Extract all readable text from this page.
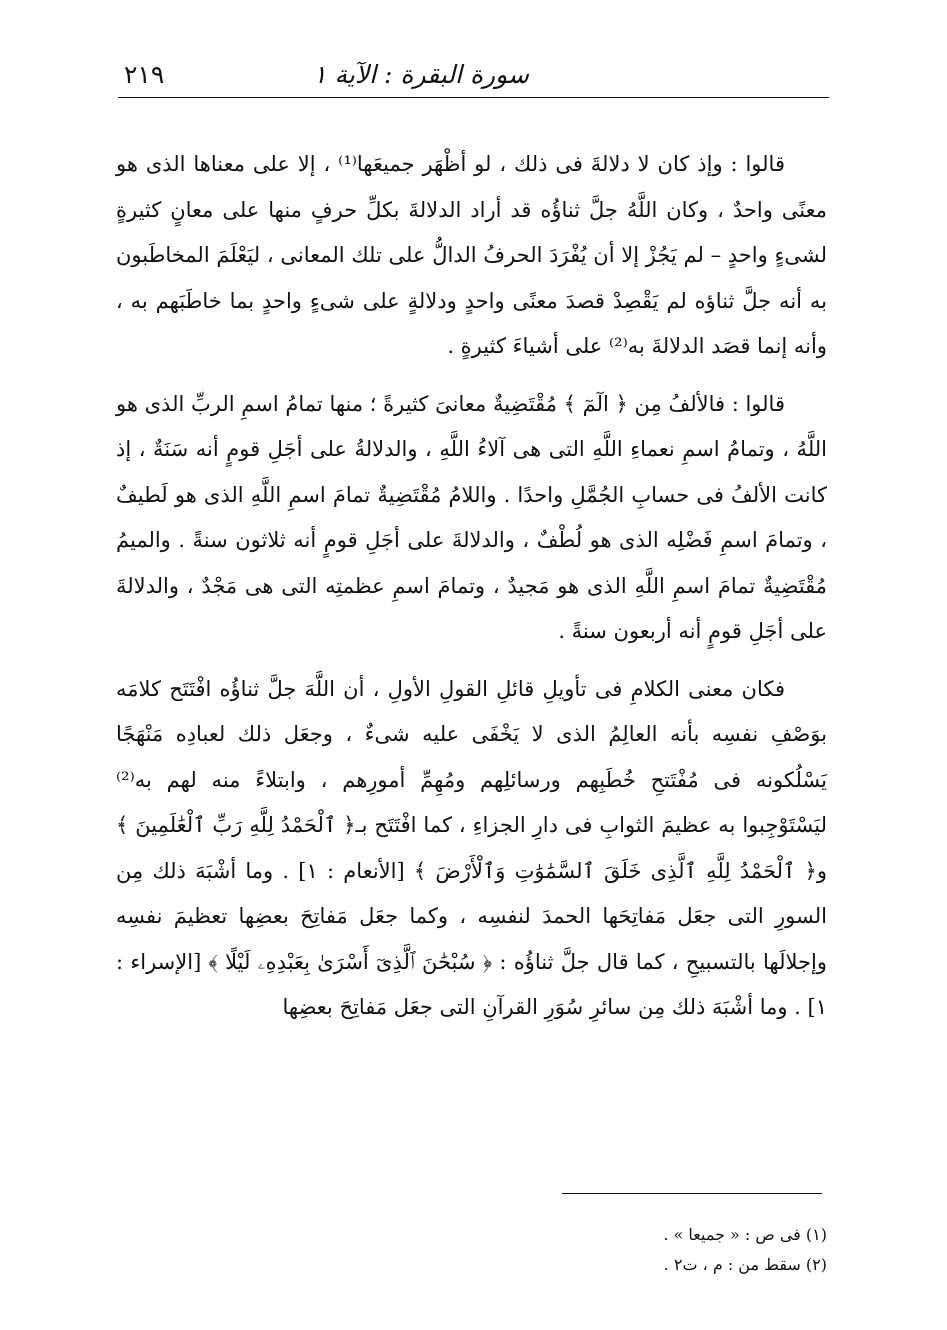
٢١٩	سورة البقرة : الآية ١

قالوا : وإذ كان لا دلالةَ فى ذلك ، لو أظْهَر جميعَها⁽¹⁾ ، إلا على معناها الذى هو معنًى واحدٌ ، وكان اللَّهُ جلَّ ثناؤُه قد أراد الدلالةَ بكلِّ حرفٍ منها على معانٍ كثيرةٍ لشىءٍ واحدٍ – لم يَجُزْ إلا أن يُفْرَدَ الحرفُ الدالُّ على تلك المعانى ، ليَعْلَمَ المخاطَبون به أنه جلَّ ثناؤه لم يَقْصِدْ قصدَ معنًى واحدٍ ودلالةٍ على شىءٍ واحدٍ بما خاطَبَهم به ، وأنه إنما قصَد الدلالةَ به⁽²⁾ على أشياءَ كثيرةٍ .

قالوا : فالألفُ مِن ﴿ الٓمٓ ﴾ مُقْتَضِيةٌ معانىَ كثيرةً ؛ منها تمامُ اسمِ الربِّ الذى هو اللَّهُ ، وتمامُ اسمِ نعماءِ اللَّهِ التى هى آلاءُ اللَّهِ ، والدلالةُ على أجَلِ قومٍ أنه سَنَةٌ ، إذ كانت الألفُ فى حسابِ الجُمَّلِ واحدًا . واللامُ مُقْتَضِيةٌ تمامَ اسمِ اللَّهِ الذى هو لَطيفٌ ، وتمامَ اسمِ فَضْلِه الذى هو لُطْفٌ ، والدلالةَ على أجَلِ قومٍ أنه ثلاثون سنةً . والميمُ مُقْتَضِيةٌ تمامَ اسمِ اللَّهِ الذى هو مَجيدٌ ، وتمامَ اسمِ عظمتِه التى هى مَجْدٌ ، والدلالةَ على أجَلِ قومٍ أنه أربعون سنةً .

فكان معنى الكلامِ فى تأويلِ قائلِ القولِ الأولِ ، أن اللَّهَ جلَّ ثناؤُه افْتَتَح كلامَه بوَصْفِ نفسِه بأنه العالِمُ الذى لا يَخْفَى عليه شىءٌ ، وجعَل ذلك لعبادِه مَنْهَجًا يَسْلُكونه فى مُفْتَتحِ خُطَبِهم ورسائلِهم ومُهِمِّ أمورِهم ، وابتلاءً منه لهم به⁽²⁾ ليَسْتَوْجِبوا به عظيمَ الثوابِ فى دارِ الجزاءِ ، كما افْتَتَح بـ﴿ ٱلْحَمْدُ لِلَّهِ رَبِّ ٱلْعَٰلَمِينَ ﴾ و﴿ ٱلْحَمْدُ لِلَّهِ ٱلَّذِى خَلَقَ ٱلسَّمَٰوَٰتِ وَٱلْأَرْضَ ﴾ [الأنعام : ١] . وما أشْبَهَ ذلك مِن السورِ التى جعَل مَفاتِحَها الحمدَ لنفسِه ، وكما جعَل مَفاتِحَ بعضِها تعظيمَ نفسِه وإجلالَها بالتسبيحِ ، كما قال جلَّ ثناؤُه : ﴿ سُبْحَٰنَ ٱلَّذِىٓ أَسْرَىٰ بِعَبْدِهِۦ لَيْلًا ﴾ [الإسراء : ١] . وما أشْبَهَ ذلك مِن سائرِ سُوَرِ القرآنِ التى جعَل مَفاتِحَ بعضِها

(١) فى ص : « جميعا » .

(٢) سقط من : م ، ت٢ .
